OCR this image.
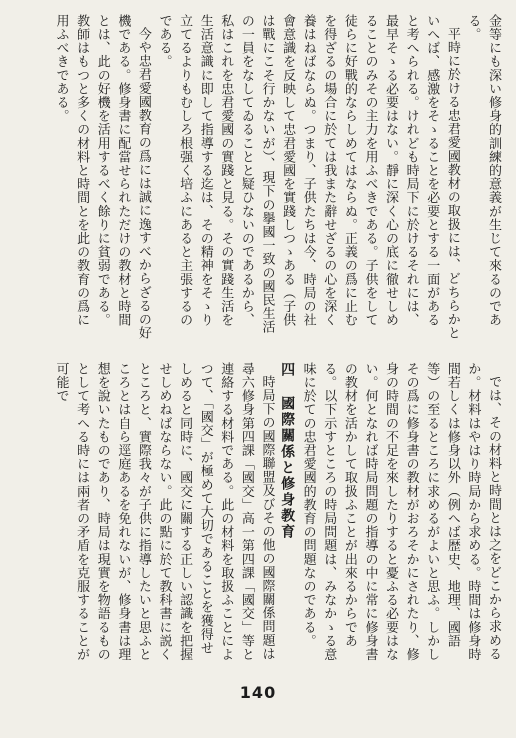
金等にも深い修身的訓練的意義が生じて來るのである。

平時に於ける忠君愛國教材の取扱には、どちらかといへば、感激をそゝることを必要とする一面があると考へられる。けれども時局下に於けるそれには、最早そゝる必要はない。靜に深く心の底に徹せしめることのみその主力を用ふべきである。子供をして徒らに好戰的ならしめてはならぬ。正義の爲に止むを得ざるの場合に於ては我また辭せざるの心を深く養はねばならぬ。つまり、子供たちは今、時局の社會意識を反映して忠君愛國を實踐しつゝある（子供は戰にこそ行かないが）、現下の擧國一致の國民生活の一員をなしてゐることと疑ひないのであるから、私はこれを忠君愛國の實踐と見る。その實踐生活を生活意識に即して指導する迄は、その精神をそゝり立てるよりもむしろ根强く培ふにあると主張するのである。

今や忠君愛國教育の爲には誠に逸すべからざるの好機である。修身書に配當せられただけの教材と時間とは、此の好機を活用するべく餘りに貧弱である。教師はもつと多くの材料と時間とを此の教育の爲に用ふべきである。

では、その材料と時間とは之をどこから求めるか。材料はやはり時局から求める。時間は修身時間若しくは修身以外（例へば歴史、地理、國語等）の至るところに求めるがよいと思ふ。しかしその爲に修身書の教材がおろそかにされたり、修身の時間の不足を來したりすると憂ふる必要はない。何となれば時局問題の指導の中に常に修身書の教材を活かして取扱ふことが出來るからである。以下示すところの時局問題は、みなかゝる意味に於ての忠君愛國的教育の問題なのである。

四國際關係と修身教育

時局下の國際聯盟及びその他の國際關係問題は尋六修身第四課「國交」高一第四課「國交」等と連絡する材料である。此の材料を取扱ふことによつて、「國交」が極めて大切であることを獲得せしめると同時に、國交に關する正しい認識を把握せしめねばならない。此の點に於て教科書に説くところと、實際我々が子供に指導したいと思ふところとは自ら逕庭あるを免れないが、修身書は理想を說いたものであり、時局は現實を物語るものとして考へる時には兩者の矛盾を克服することが可能で

140
